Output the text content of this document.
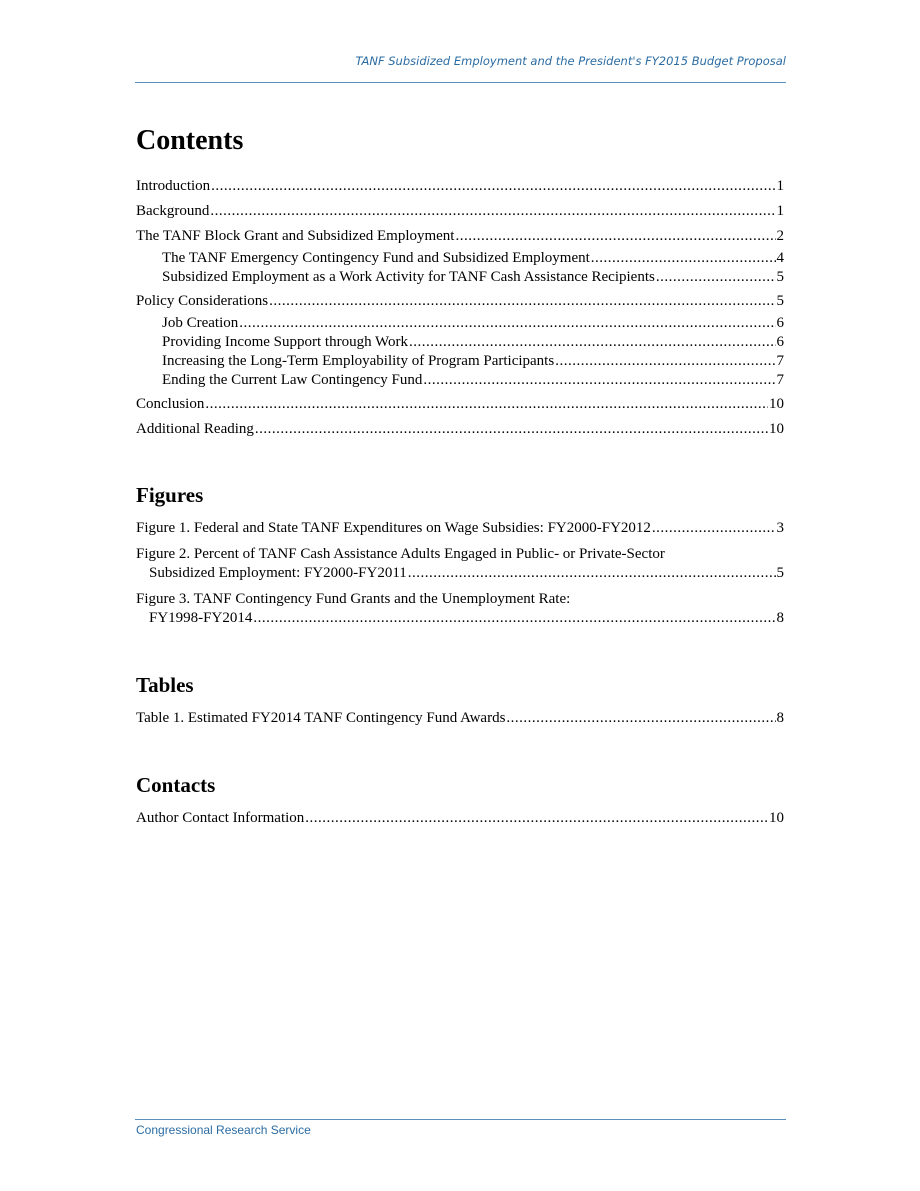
TANF Subsidized Employment and the President's FY2015 Budget Proposal
Contents
Introduction .....	1
Background .....	1
The TANF Block Grant and Subsidized Employment .....	2
The TANF Emergency Contingency Fund and Subsidized Employment .....	4
Subsidized Employment as a Work Activity for TANF Cash Assistance Recipients .....	5
Policy Considerations .....	5
Job Creation .....	6
Providing Income Support through Work .....	6
Increasing the Long-Term Employability of Program Participants .....	7
Ending the Current Law Contingency Fund .....	7
Conclusion .....	10
Additional Reading .....	10
Figures
Figure 1. Federal and State TANF Expenditures on Wage Subsidies: FY2000-FY2012 .....	3
Figure 2. Percent of TANF Cash Assistance Adults Engaged in Public- or Private-Sector
Subsidized Employment: FY2000-FY2011 .....	5
Figure 3. TANF Contingency Fund Grants and the Unemployment Rate:
FY1998-FY2014 .....	8
Tables
Table 1. Estimated FY2014 TANF Contingency Fund Awards .....	8
Contacts
Author Contact Information .....	10
Congressional Research Service
